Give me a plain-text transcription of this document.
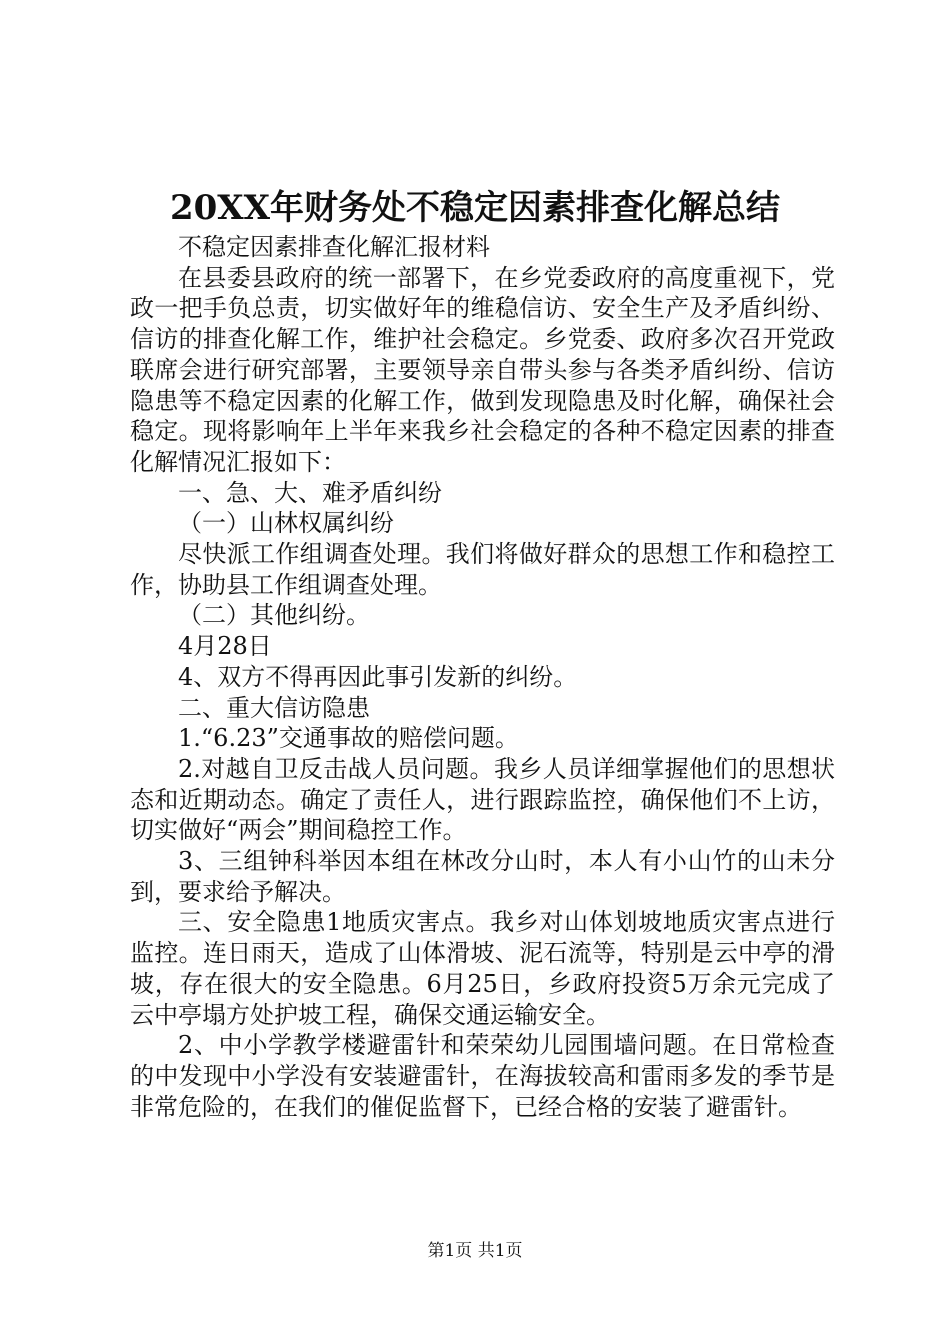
20XX年财务处不稳定因素排查化解总结

不稳定因素排查化解汇报材料

在县委县政府的统一部署下，在乡党委政府的高度重视下，党政一把手负总责，切实做好年的维稳信访、安全生产及矛盾纠纷、信访的排查化解工作，维护社会稳定。乡党委、政府多次召开党政联席会进行研究部署，主要领导亲自带头参与各类矛盾纠纷、信访隐患等不稳定因素的化解工作，做到发现隐患及时化解，确保社会稳定。现将影响年上半年来我乡社会稳定的各种不稳定因素的排查化解情况汇报如下：

一、急、大、难矛盾纠纷

（一）山林权属纠纷

尽快派工作组调查处理。我们将做好群众的思想工作和稳控工作，协助县工作组调查处理。

（二）其他纠纷。

4月28日

4、双方不得再因此事引发新的纠纷。

二、重大信访隐患

1.“6.23”交通事故的赔偿问题。

2.对越自卫反击战人员问题。我乡人员详细掌握他们的思想状态和近期动态。确定了责任人，进行跟踪监控，确保他们不上访，切实做好“两会”期间稳控工作。

3、三组钟科举因本组在林改分山时，本人有小山竹的山未分到，要求给予解决。

三、安全隐患1地质灾害点。我乡对山体划坡地质灾害点进行监控。连日雨天，造成了山体滑坡、泥石流等，特别是云中亭的滑坡，存在很大的安全隐患。6月25日，乡政府投资5万余元完成了云中亭塌方处护坡工程，确保交通运输安全。

2、中小学教学楼避雷针和荣荣幼儿园围墙问题。在日常检查的中发现中小学没有安装避雷针，在海拔较高和雷雨多发的季节是非常危险的，在我们的催促监督下，已经合格的安装了避雷针。

第1页 共1页
